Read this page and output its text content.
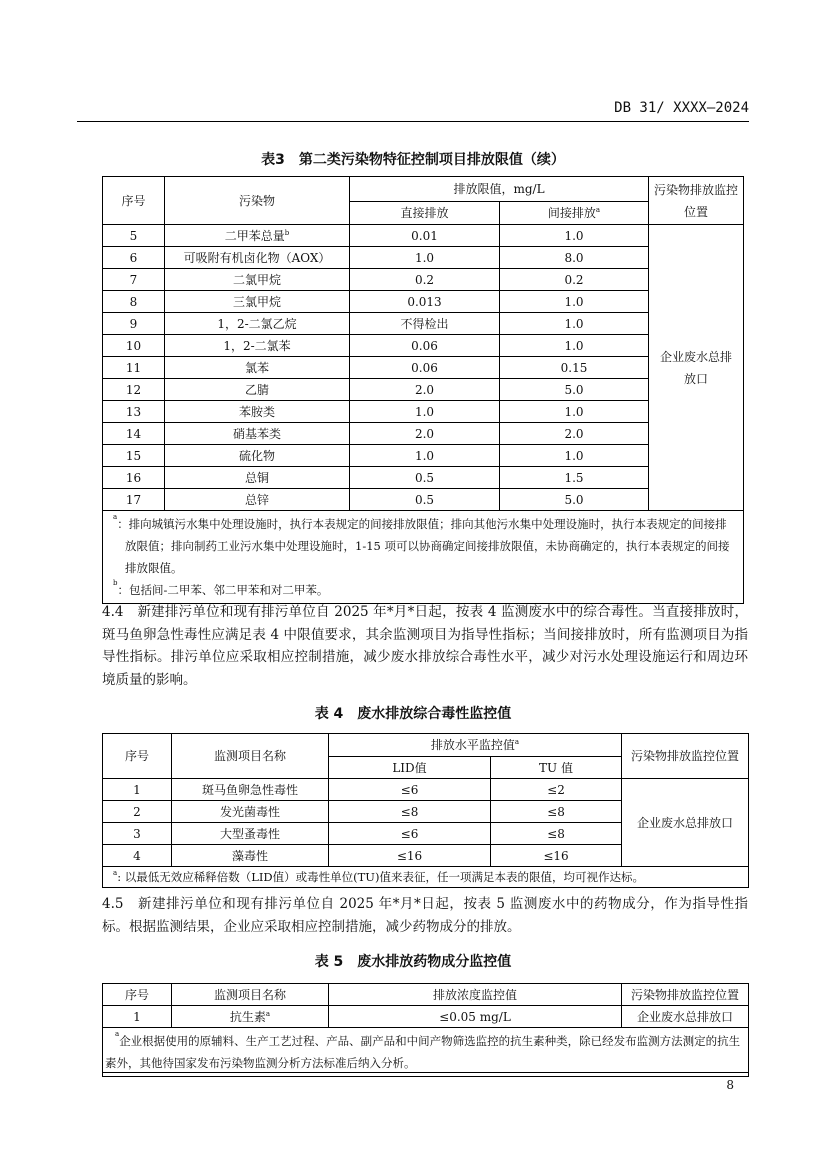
DB 31/ XXXX—2024
表3　第二类污染物特征控制项目排放限值（续）
序号	污染物	排放限值，mg/L		污染物排放监控位置
		直接排放	间接排放$^a$
5	二甲苯总量$^b$	0.01	1.0	企业废水总排放口
6	可吸附有机卤化物（AOX）	1.0	8.0	
7	二氯甲烷	0.2	0.2	
8	三氯甲烷	0.013	1.0	
9	1，2-二氯乙烷	不得检出	1.0	
10	1，2-二氯苯	0.06	1.0	
11	氯苯	0.06	0.15	
12	乙腈	2.0	5.0	
13	苯胺类	1.0	1.0	
14	硝基苯类	2.0	2.0	
15	硫化物	1.0	1.0	
16	总铜	0.5	1.5	
17	总锌	0.5	5.0	

$^a$：排向城镇污水集中处理设施时，执行本表规定的间接排放限值；排向其他污水集中处理设施时，执行本表规定的间接排放限值；排向制药工业污水集中处理设施时，1-15 项可以协商确定间接排放限值，未协商确定的，执行本表规定的间接排放限值。
$^b$：包括间-二甲苯、邻二甲苯和对二甲苯。				
4.4　新建排污单位和现有排污单位自 2025 年*月*日起，按表 4 监测废水中的综合毒性。当直接排放时，斑马鱼卵急性毒性应满足表 4 中限值要求，其余监测项目为指导性指标；当间接排放时，所有监测项目为指导性指标。排污单位应采取相应控制措施，减少废水排放综合毒性水平，减少对污水处理设施运行和周边环境质量的影响。
表 4　废水排放综合毒性监控值
序号	监测项目名称	排放水平监控值$^a$		污染物排放监控位置
		LID值	TU 值	
1	斑马鱼卵急性毒性	≤6	≤2	企业废水总排放口
2	发光菌毒性	≤8	≤8	
3	大型蚤毒性	≤6	≤8	
4	藻毒性	≤16	≤16	
$^a$: 以最低无效应稀释倍数（LID值）或毒性单位(TU)值来表征，任一项满足本表的限值，均可视作达标。				
4.5　新建排污单位和现有排污单位自 2025 年*月*日起，按表 5 监测废水中的药物成分，作为指导性指标。根据监测结果，企业应采取相应控制措施，减少药物成分的排放。
表 5　废水排放药物成分监控值
序号	监测项目名称	排放浓度监控值	污染物排放监控位置
1	抗生素$^a$	≤0.05 mg/L	企业废水总排放口
$^a$企业根据使用的原辅料、生产工艺过程、产品、副产品和中间产物筛选监控的抗生素种类，除已经发布监测方法测定的抗生素外，其他待国家发布污染物监测分析方法标准后纳入分析。			
8
